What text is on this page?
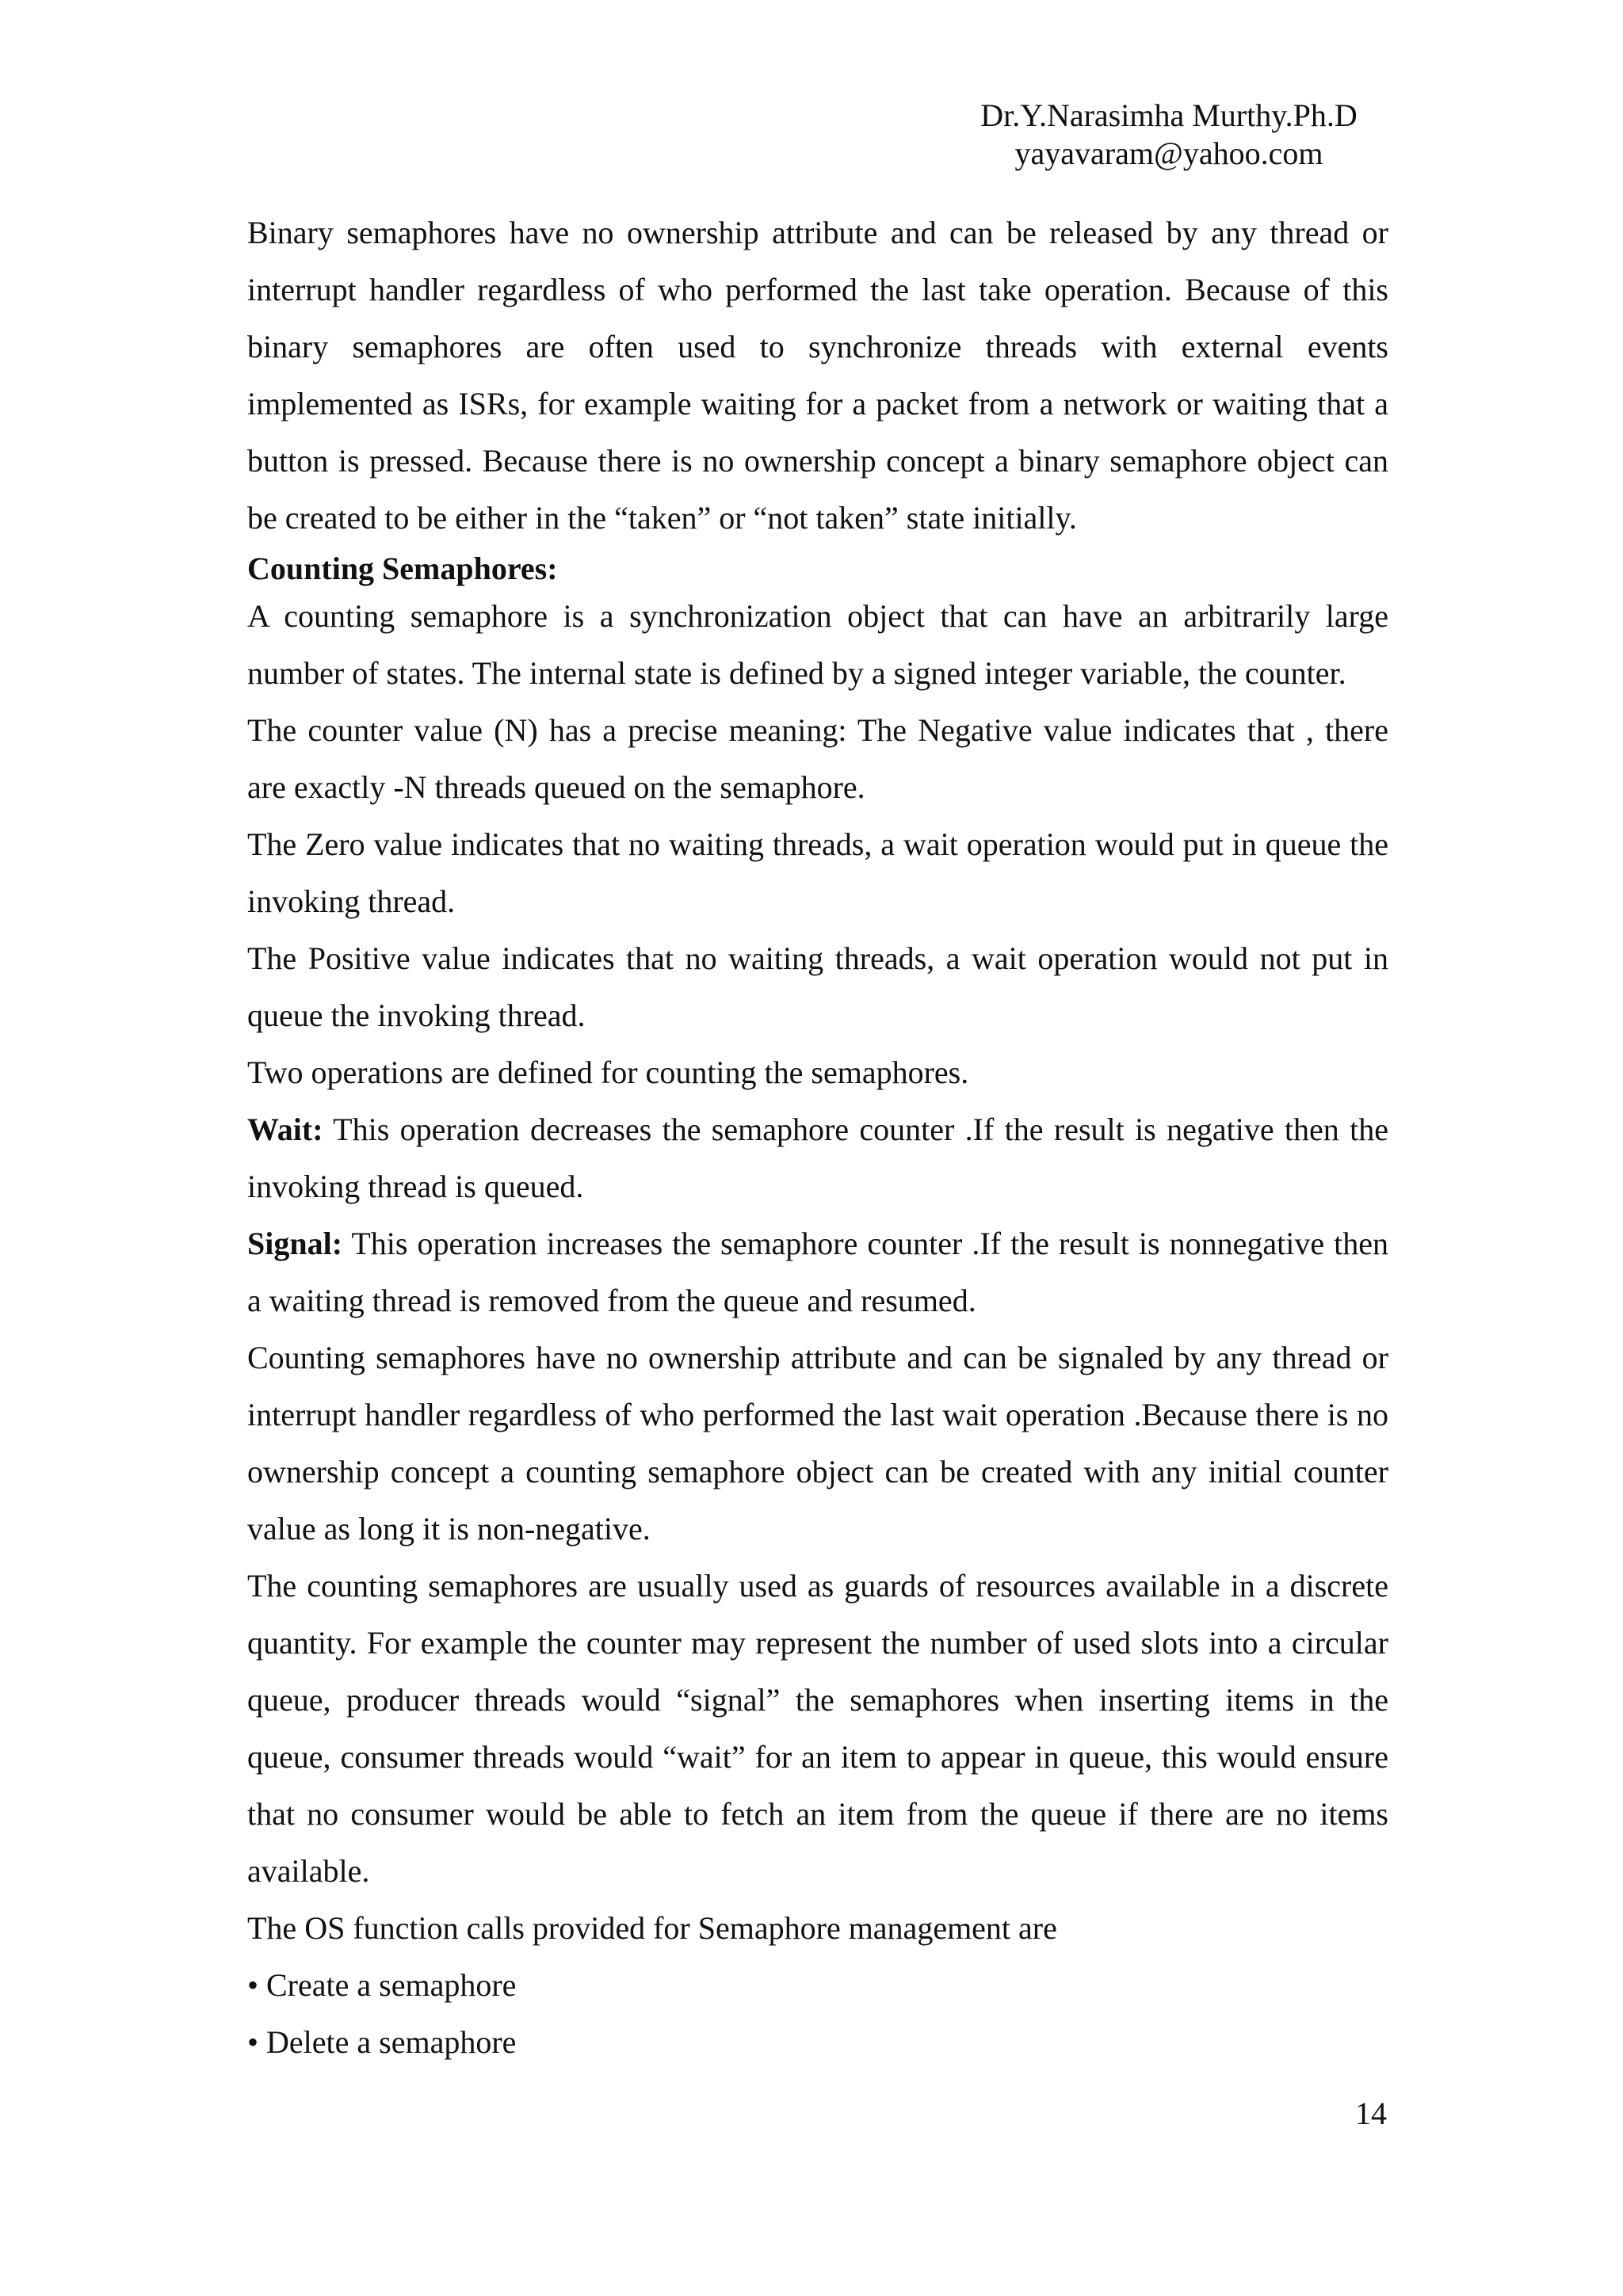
Dr.Y.Narasimha Murthy.Ph.D
yayavaram@yahoo.com

Binary semaphores have no ownership attribute and can be released by any thread or interrupt handler regardless of who performed the last take operation. Because of this binary semaphores are often used to synchronize threads with external events implemented as ISRs, for example waiting for a packet from a network or waiting that a button is pressed. Because there is no ownership concept a binary semaphore object can be created to be either in the “taken” or “not taken” state initially.

Counting Semaphores:

A counting semaphore is a synchronization object that can have an arbitrarily large number of states. The internal state is defined by a signed integer variable, the counter.

The counter value (N) has a precise meaning: The Negative value indicates that , there are exactly -N threads queued on the semaphore.

The Zero value indicates that no waiting threads, a wait operation would put in queue the invoking thread.

The Positive value indicates that no waiting threads, a wait operation would not put in queue the invoking thread.

Two operations are defined for counting the semaphores.

Wait: This operation decreases the semaphore counter .If the result is negative then the invoking thread is queued.

Signal: This operation increases the semaphore counter .If the result is nonnegative then a waiting thread is removed from the queue and resumed.

Counting semaphores have no ownership attribute and can be signaled by any thread or interrupt handler regardless of who performed the last wait operation .Because there is no ownership concept a counting semaphore object can be created with any initial counter value as long it is non-negative.

The counting semaphores are usually used as guards of resources available in a discrete quantity. For example the counter may represent the number of used slots into a circular queue, producer threads would “signal” the semaphores when inserting items in the queue, consumer threads would “wait” for an item to appear in queue, this would ensure that no consumer would be able to fetch an item from the queue if there are no items available.

The OS function calls provided for Semaphore management are

• Create a semaphore

• Delete a semaphore

14
